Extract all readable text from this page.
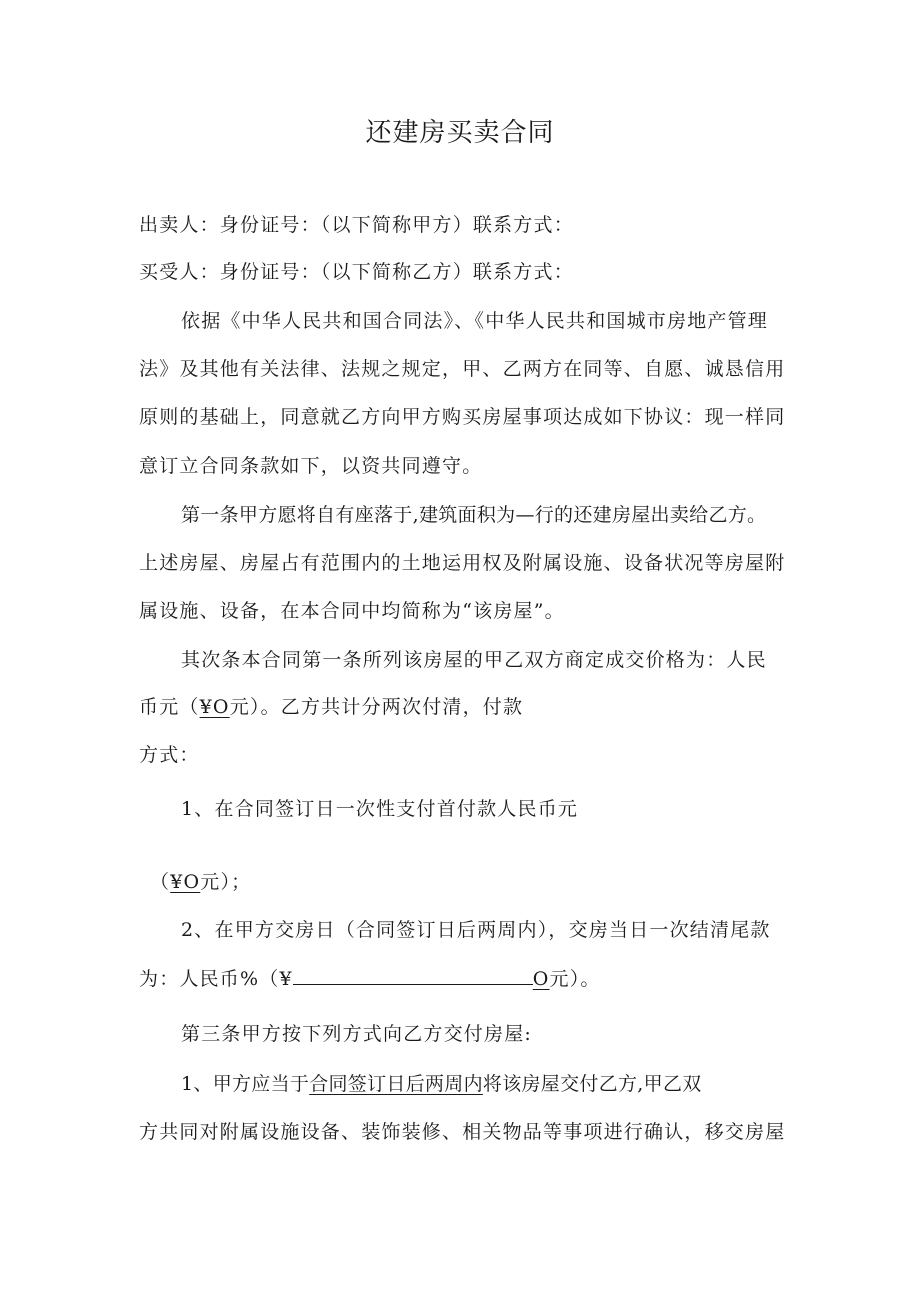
还建房买卖合同
出卖人：身份证号：（以下简称甲方）联系方式：
买受人：身份证号：（以下简称乙方）联系方式：
依据《中华人民共和国合同法》、《中华人民共和国城市房地产管理
法》及其他有关法律、法规之规定，甲、乙两方在同等、自愿、诚恳信用
原则的基础上，同意就乙方向甲方购买房屋事项达成如下协议：现一样同
意订立合同条款如下，以资共同遵守。
第一条甲方愿将自有座落于,建筑面积为—行的还建房屋出卖给乙方。
上述房屋、房屋占有范围内的土地运用权及附属设施、设备状况等房屋附
属设施、设备，在本合同中均简称为“该房屋”。
其次条本合同第一条所列该房屋的甲乙双方商定成交价格为：人民
币元（¥O元）。乙方共计分两次付清，付款
方式：
1、在合同签订日一次性支付首付款人民币元
（¥O元）；
2、在甲方交房日（合同签订日后两周内），交房当日一次结清尾款
为：人民币%（¥	O元）。
第三条甲方按下列方式向乙方交付房屋:
1、甲方应当于合同签订日后两周内将该房屋交付乙方,甲乙双
方共同对附属设施设备、装饰装修、相关物品等事项进行确认，移交房屋
